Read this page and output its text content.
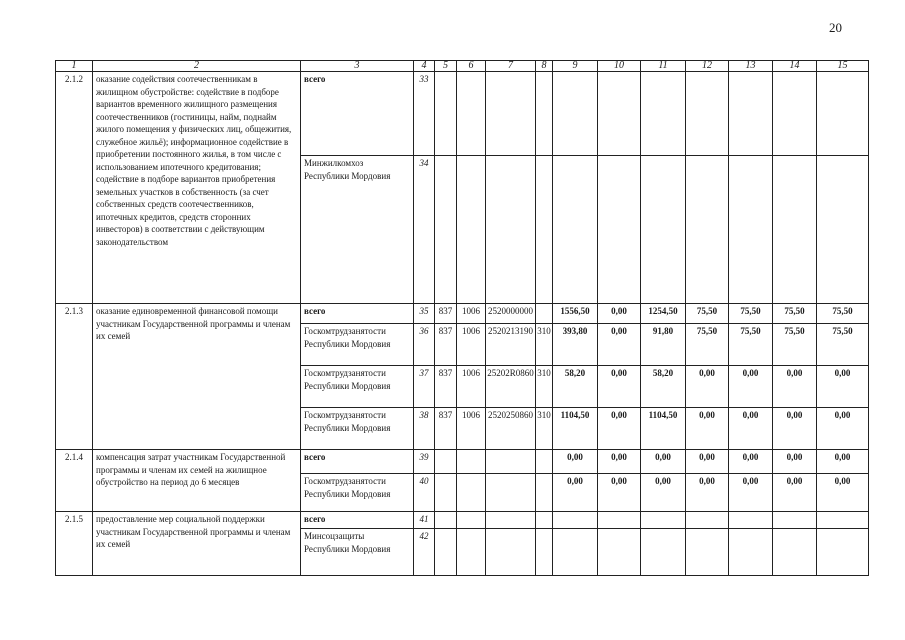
20
1	2	3	4	5	6	7	8	9	10	11	12	13	14	15
2.1.2	оказание содействия соотечественникам в жилищном обустройстве: содействие в подборе вариантов временного жилищного размещения соотечественников (гостиницы, найм, поднайм жилого помещения у физических лиц, общежития, служебное жильё); информационное содействие в приобретении постоянного жилья, в том числе с использованием ипотечного кредитования; содействие в подборе вариантов приобретения земельных участков в собственность (за счет собственных средств соотечественников, ипотечных кредитов, средств сторонних инвесторов) в соответствии с действующим законодательством	всего	33											
		Минжилкомхоз Республики Мордовия	34											
2.1.3	оказание единовременной финансовой помощи участникам Государственной программы и членам их семей	всего	35	837	1006	2520000000		1556,50	0,00	1254,50	75,50	75,50	75,50	75,50
		Госкомтрудзанятости Республики Мордовия	36	837	1006	2520213190	310	393,80	0,00	91,80	75,50	75,50	75,50	75,50
		Госкомтрудзанятости Республики Мордовия	37	837	1006	25202R0860	310	58,20	0,00	58,20	0,00	0,00	0,00	0,00
		Госкомтрудзанятости Республики Мордовия	38	837	1006	2520250860	310	1104,50	0,00	1104,50	0,00	0,00	0,00	0,00
2.1.4	компенсация затрат участникам Государственной программы и членам их семей на жилищное обустройство на период до 6 месяцев	всего	39					0,00	0,00	0,00	0,00	0,00	0,00	0,00
		Госкомтрудзанятости Республики Мордовия	40					0,00	0,00	0,00	0,00	0,00	0,00	0,00
2.1.5	предоставление мер социальной поддержки участникам Государственной программы и членам их семей	всего	41											
		Минсоцзащиты Республики Мордовия	42											
